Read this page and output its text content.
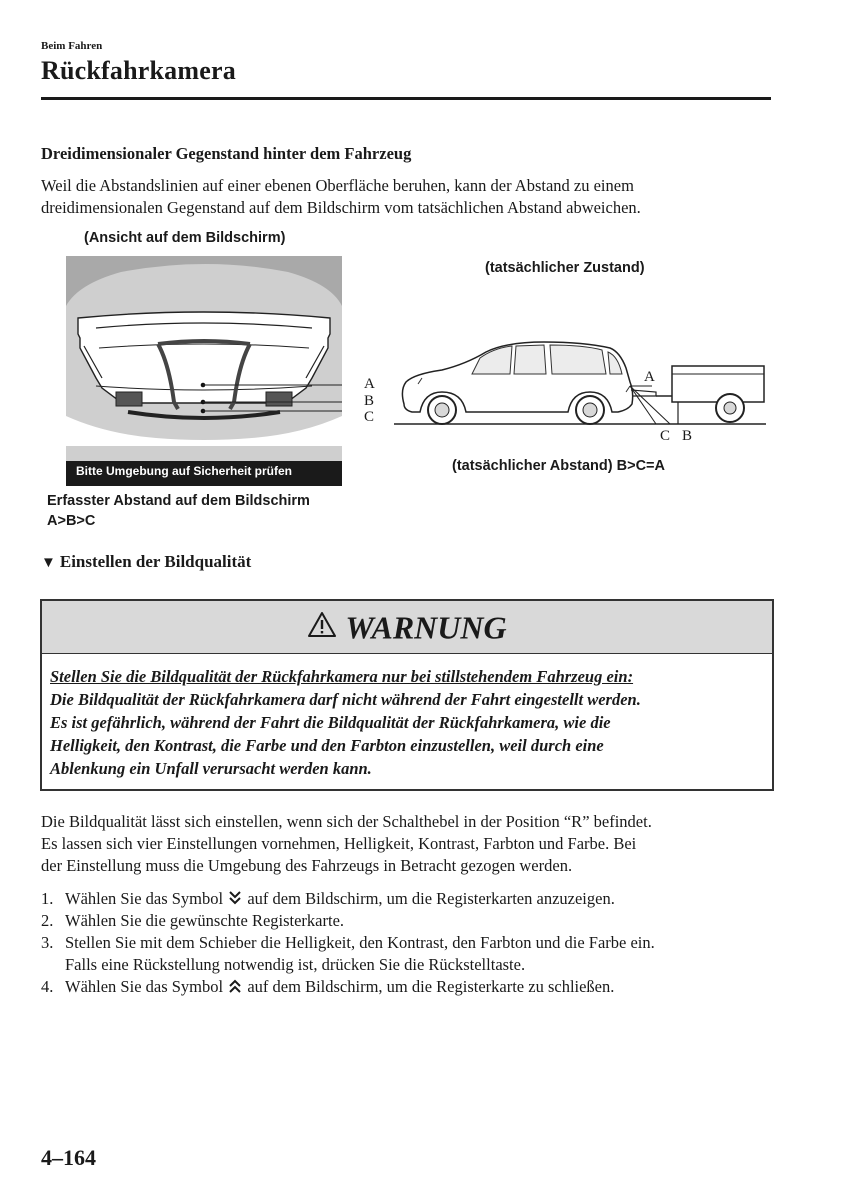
Beim Fahren
Rückfahrkamera
Dreidimensionaler Gegenstand hinter dem Fahrzeug
Weil die Abstandslinien auf einer ebenen Oberfläche beruhen, kann der Abstand zu einem
dreidimensionalen Gegenstand auf dem Bildschirm vom tatsächlichen Abstand abweichen.
(Ansicht auf dem Bildschirm)
Bitte Umgebung auf Sicherheit prüfen
A
B
C
(tatsächlicher Zustand)
A
C B
(tatsächlicher Abstand) B>C=A
Erfasster Abstand auf dem Bildschirm
A>B>C
▼ Einstellen der Bildqualität
WARNUNG
Stellen Sie die Bildqualität der Rückfahrkamera nur bei stillstehendem Fahrzeug ein:
Die Bildqualität der Rückfahrkamera darf nicht während der Fahrt eingestellt werden.
Es ist gefährlich, während der Fahrt die Bildqualität der Rückfahrkamera, wie die
Helligkeit, den Kontrast, die Farbe und den Farbton einzustellen, weil durch eine
Ablenkung ein Unfall verursacht werden kann.
Die Bildqualität lässt sich einstellen, wenn sich der Schalthebel in der Position “R” befindet.
Es lassen sich vier Einstellungen vornehmen, Helligkeit, Kontrast, Farbton und Farbe. Bei
der Einstellung muss die Umgebung des Fahrzeugs in Betracht gezogen werden.
1. Wählen Sie das Symbol auf dem Bildschirm, um die Registerkarten anzuzeigen.
2. Wählen Sie die gewünschte Registerkarte.
3. Stellen Sie mit dem Schieber die Helligkeit, den Kontrast, den Farbton und die Farbe ein.
Falls eine Rückstellung notwendig ist, drücken Sie die Rückstelltaste.
4. Wählen Sie das Symbol auf dem Bildschirm, um die Registerkarte zu schließen.
4–164
